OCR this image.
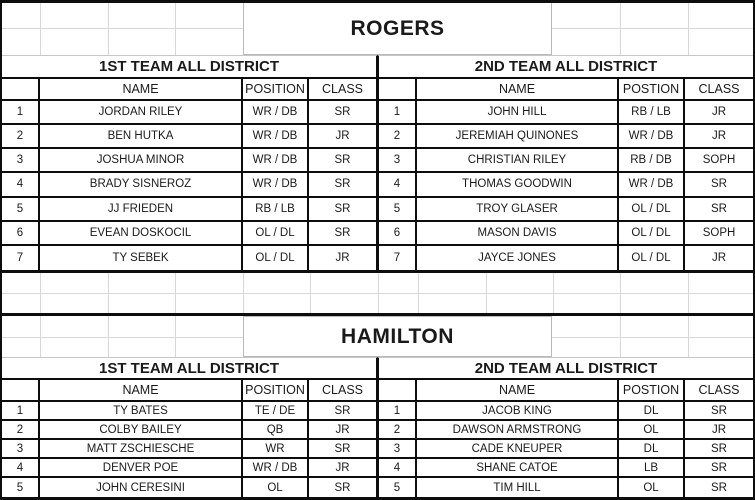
ROGERS
HAMILTON
1ST TEAM ALL DISTRICT
NAME	POSITION	CLASS
1	JORDAN RILEY	WR / DB	SR
2	BEN HUTKA	WR / DB	JR
3	JOSHUA MINOR	WR / DB	SR
4	BRADY SISNEROZ	WR / DB	SR
5	JJ FRIEDEN	RB / LB	SR
6	EVEAN DOSKOCIL	OL / DL	SR
7	TY SEBEK	OL / DL	JR
2ND TEAM ALL DISTRICT
NAME	POSTION	CLASS
1	JOHN HILL	RB / LB	JR
2	JEREMIAH QUINONES	WR / DB	JR
3	CHRISTIAN RILEY	RB / DB	SOPH
4	THOMAS GOODWIN	WR / DB	SR
5	TROY GLASER	OL / DL	SR
6	MASON DAVIS	OL / DL	SOPH
7	JAYCE JONES	OL / DL	JR
1ST TEAM ALL DISTRICT
NAME	POSITION	CLASS
1	TY BATES	TE / DE	SR
2	COLBY BAILEY	QB	JR
3	MATT ZSCHIESCHE	WR	SR
4	DENVER POE	WR / DB	JR
5	JOHN CERESINI	OL	SR
2ND TEAM ALL DISTRICT
NAME	POSTION	CLASS
1	JACOB KING	DL	SR
2	DAWSON ARMSTRONG	OL	JR
3	CADE KNEUPER	DL	SR
4	SHANE CATOE	LB	SR
5	TIM HILL	OL	SR
